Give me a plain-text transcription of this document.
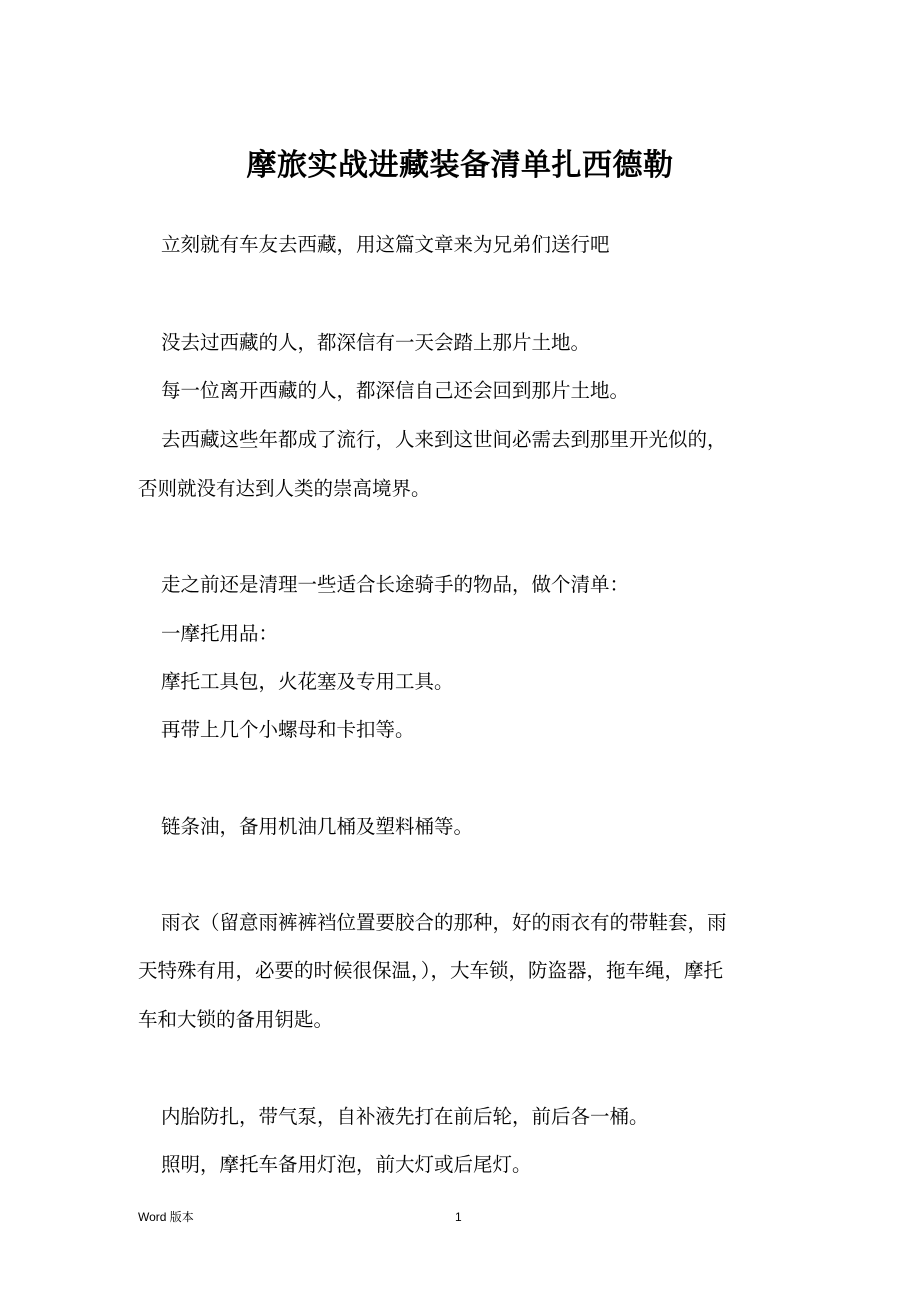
摩旅实战进藏装备清单扎西德勒
立刻就有车友去西藏，用这篇文章来为兄弟们送行吧
没去过西藏的人，都深信有一天会踏上那片土地。
每一位离开西藏的人，都深信自己还会回到那片土地。
去西藏这些年都成了流行，人来到这世间必需去到那里开光似的，
否则就没有达到人类的崇高境界。
走之前还是清理一些适合长途骑手的物品，做个清单：
一摩托用品：
摩托工具包，火花塞及专用工具。
再带上几个小螺母和卡扣等。
链条油，备用机油几桶及塑料桶等。
雨衣（留意雨裤裤裆位置要胶合的那种，好的雨衣有的带鞋套，雨
天特殊有用，必要的时候很保温，），大车锁，防盗器，拖车绳，摩托
车和大锁的备用钥匙。
内胎防扎，带气泵，自补液先打在前后轮，前后各一桶。
照明，摩托车备用灯泡，前大灯或后尾灯。
Word 版本	1
